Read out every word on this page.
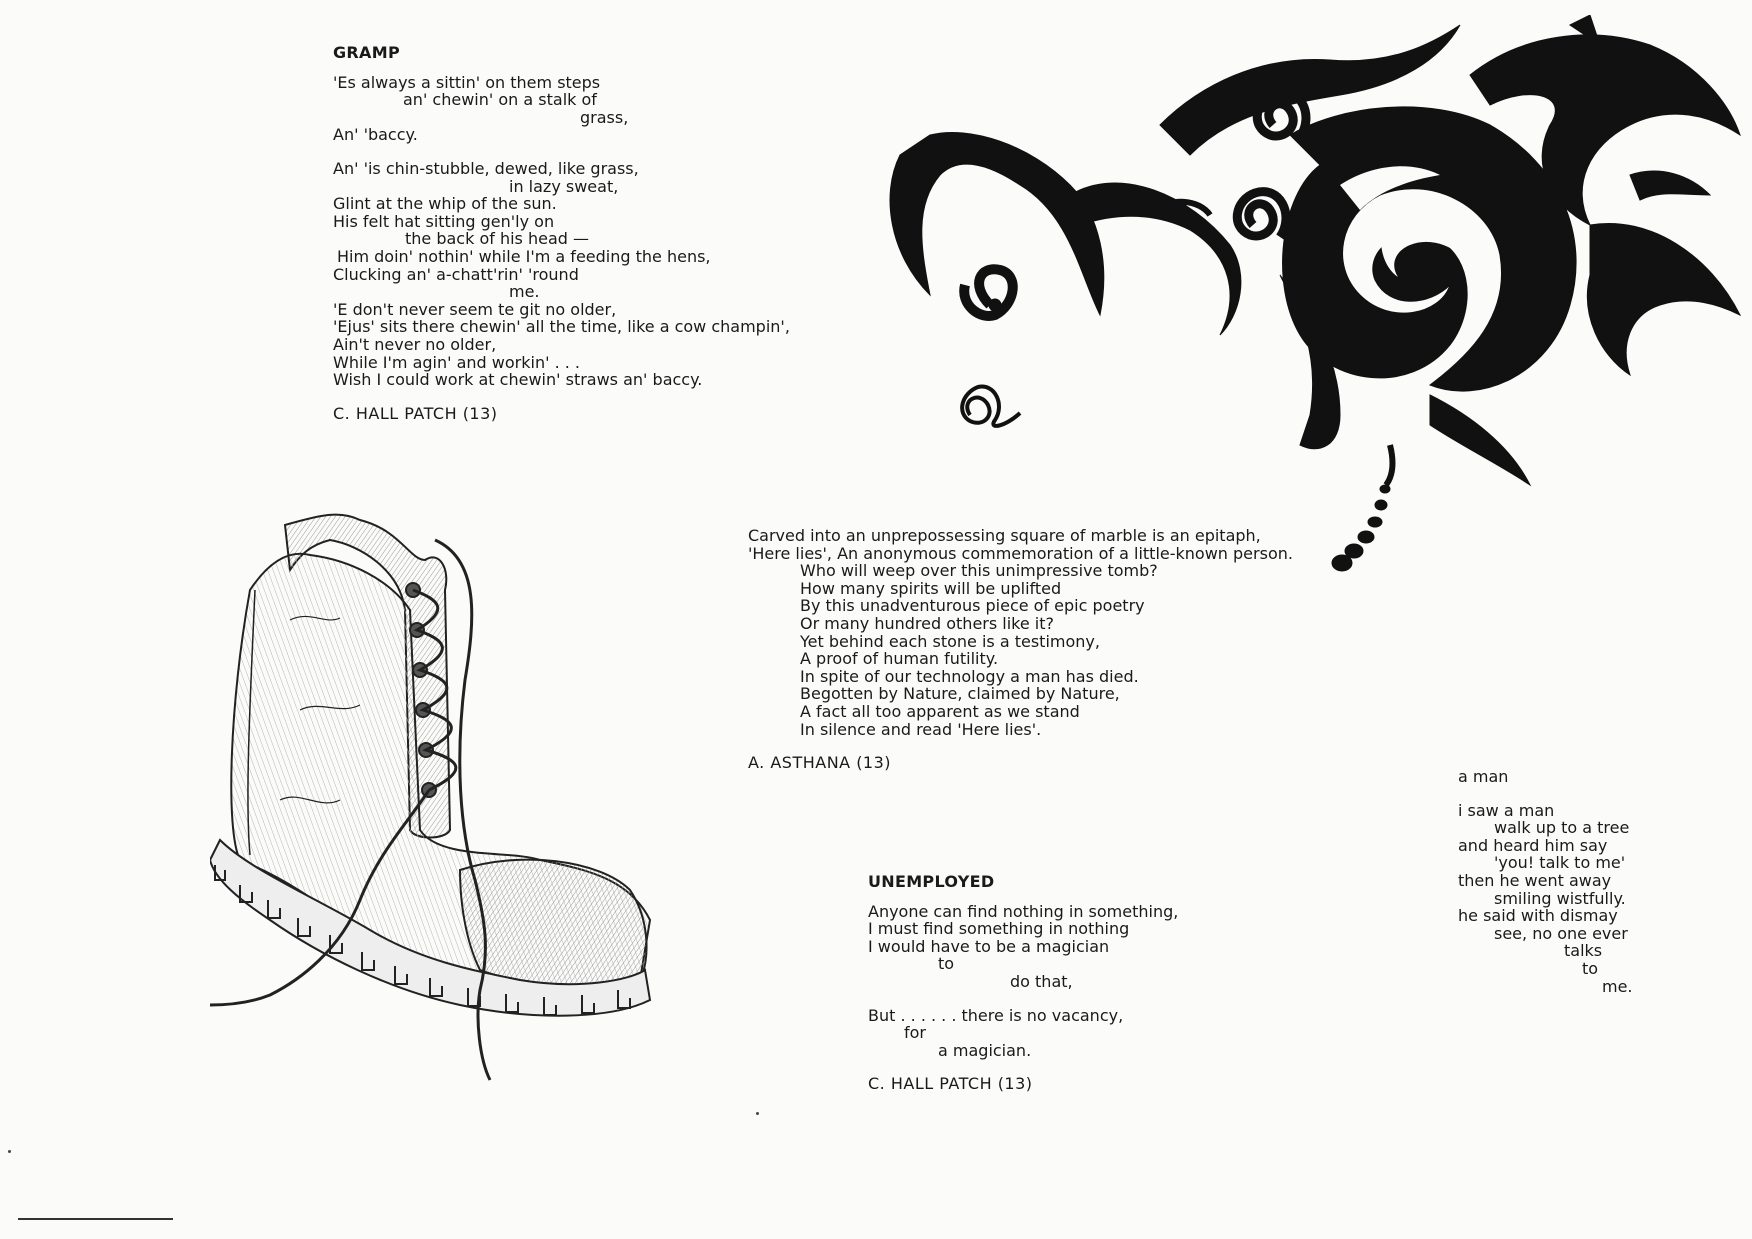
GRAMP
'Es always a sittin' on them steps
an' chewin' on a stalk of
grass,
An' 'baccy.
An' 'is chin-stubble, dewed, like grass,
in lazy sweat,
Glint at the whip of the sun.
His felt hat sitting gen'ly on
the back of his head —
Him doin' nothin' while I'm a feeding the hens,
Clucking an' a-chatt'rin' 'round
me.
'E don't never seem te git no older,
'Ejus' sits there chewin' all the time, like a cow champin',
Ain't never no older,
While I'm agin' and workin' . . .
Wish I could work at chewin' straws an' baccy.
C. HALL PATCH (13)
Carved into an unprepossessing square of marble is an epitaph,
'Here lies', An anonymous commemoration of a little-known person.
Who will weep over this unimpressive tomb?
How many spirits will be uplifted
By this unadventurous piece of epic poetry
Or many hundred others like it?
Yet behind each stone is a testimony,
A proof of human futility.
In spite of our technology a man has died.
Begotten by Nature, claimed by Nature,
A fact all too apparent as we stand
In silence and read 'Here lies'.
A. ASTHANA (13)
UNEMPLOYED
Anyone can find nothing in something,
I must find something in nothing
I would have to be a magician
to
do that,
But . . . . . . there is no vacancy,
for
a magician.
C. HALL PATCH (13)
a man
i saw a man
walk up to a tree
and heard him say
'you! talk to me'
then he went away
smiling wistfully.
he said with dismay
see, no one ever
talks
to
me.
